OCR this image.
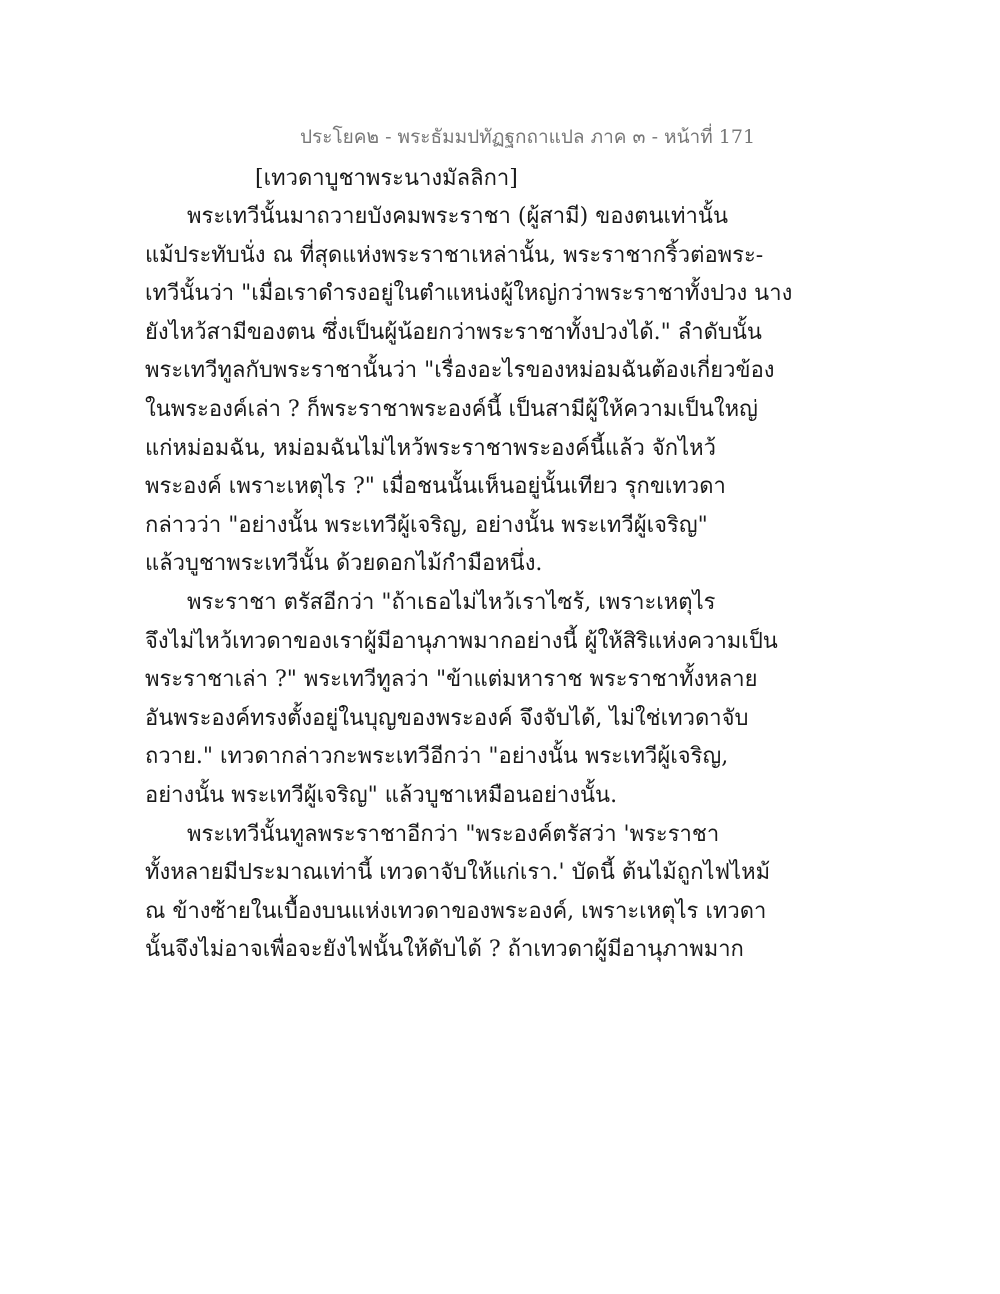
ประโยค๒ - พระธัมมปทัฏฐกถาแปล ภาค ๓ - หน้าที่ 171
[เทวดาบูชาพระนางมัลลิกา]
พระเทวีนั้นมาถวายบังคมพระราชา (ผู้สามี) ของตนเท่านั้น
แม้ประทับนั่ง ณ ที่สุดแห่งพระราชาเหล่านั้น, พระราชากริ้วต่อพระ-
เทวีนั้นว่า "เมื่อเราดำรงอยู่ในตำแหน่งผู้ใหญ่กว่าพระราชาทั้งปวง นาง
ยังไหว้สามีของตน ซึ่งเป็นผู้น้อยกว่าพระราชาทั้งปวงได้." ลำดับนั้น
พระเทวีทูลกับพระราชานั้นว่า "เรื่องอะไรของหม่อมฉันต้องเกี่ยวข้อง
ในพระองค์เล่า ? ก็พระราชาพระองค์นี้ เป็นสามีผู้ให้ความเป็นใหญ่
แก่หม่อมฉัน, หม่อมฉันไม่ไหว้พระราชาพระองค์นี้แล้ว จักไหว้
พระองค์ เพราะเหตุไร ?" เมื่อชนนั้นเห็นอยู่นั้นเทียว รุกขเทวดา
กล่าวว่า "อย่างนั้น พระเทวีผู้เจริญ, อย่างนั้น พระเทวีผู้เจริญ"
แล้วบูชาพระเทวีนั้น ด้วยดอกไม้กำมือหนึ่ง.
พระราชา ตรัสอีกว่า "ถ้าเธอไม่ไหว้เราไซร้, เพราะเหตุไร
จึงไม่ไหว้เทวดาของเราผู้มีอานุภาพมากอย่างนี้ ผู้ให้สิริแห่งความเป็น
พระราชาเล่า ?" พระเทวีทูลว่า "ข้าแต่มหาราช พระราชาทั้งหลาย
อันพระองค์ทรงตั้งอยู่ในบุญของพระองค์ จึงจับได้, ไม่ใช่เทวดาจับ
ถวาย." เทวดากล่าวกะพระเทวีอีกว่า "อย่างนั้น พระเทวีผู้เจริญ,
อย่างนั้น พระเทวีผู้เจริญ" แล้วบูชาเหมือนอย่างนั้น.
พระเทวีนั้นทูลพระราชาอีกว่า "พระองค์ตรัสว่า 'พระราชา
ทั้งหลายมีประมาณเท่านี้ เทวดาจับให้แก่เรา.' บัดนี้ ต้นไม้ถูกไฟไหม้
ณ ข้างซ้ายในเบื้องบนแห่งเทวดาของพระองค์, เพราะเหตุไร เทวดา
นั้นจึงไม่อาจเพื่อจะยังไฟนั้นให้ดับได้ ? ถ้าเทวดาผู้มีอานุภาพมาก
